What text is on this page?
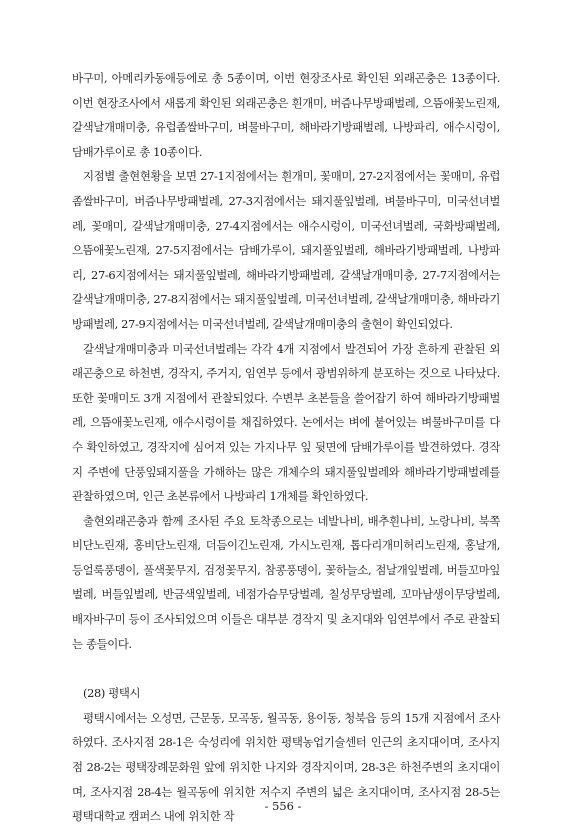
바구미, 아메리카동애등에로 총 5종이며, 이번 현장조사로 확인된 외래곤충은 13종이다. 이번 현장조사에서 새롭게 확인된 외래곤충은 흰개미, 버즘나무방패벌레, 으뜸애꽃노린재, 갈색날개매미충, 유럽좀쌀바구미, 벼물바구미, 해바라기방패벌레, 나방파리, 애수시렁이, 담배가루이로 총 10종이다.

지점별 출현현황을 보면 27-1지점에서는 흰개미, 꽃매미, 27-2지점에서는 꽃매미, 유럽좀쌀바구미, 버즘나무방패벌레, 27-3지점에서는 돼지풀잎벌레, 벼물바구미, 미국선녀벌레, 꽃매미, 갈색날개매미충, 27-4지점에서는 애수시렁이, 미국선녀벌레, 국화방패벌레, 으뜸애꽃노린재, 27-5지점에서는 담배가루이, 돼지풀잎벌레, 해바라기방패벌레, 나방파리, 27-6지점에서는 돼지풀잎벌레, 해바라기방패벌레, 갈색날개매미충, 27-7지점에서는 갈색날개매미충, 27-8지점에서는 돼지풀잎벌레, 미국선녀벌레, 갈색날개매미충, 해바라기방패벌레, 27-9지점에서는 미국선녀벌레, 갈색날개매미충의 출현이 확인되었다.

갈색날개매미충과 미국선녀벌레는 각각 4개 지점에서 발견되어 가장 흔하게 관찰된 외래곤충으로 하천변, 경작지, 주거지, 임연부 등에서 광범위하게 분포하는 것으로 나타났다. 또한 꽃매미도 3개 지점에서 관찰되었다. 수변부 초본들을 쓸어잡기 하여 해바라기방패벌레, 으뜸애꽃노린재, 애수시렁이를 채집하였다. 논에서는 벼에 붙어있는 벼물바구미를 다수 확인하였고, 경작지에 심어져 있는 가지나무 잎 뒷면에 담배가루이를 발견하였다. 경작지 주변에 단풍잎돼지풀을 가해하는 많은 개체수의 돼지풀잎벌레와 해바라기방패벌레를 관찰하였으며, 인근 초본류에서 나방파리 1개체를 확인하였다.

출현외래곤충과 함께 조사된 주요 토착종으로는 네발나비, 배추흰나비, 노랑나비, 북쪽비단노린재, 홍비단노린재, 더듬이긴노린재, 가시노린재, 톱다리개미허리노린재, 홍날개, 등얼룩풍뎅이, 풀색꽃무지, 검정꽃무지, 참콩풍뎅이, 꽃하늘소, 점날개잎벌레, 버들꼬마잎벌레, 버들잎벌레, 반금색잎벌레, 네점가슴무당벌레, 칠성무당벌레, 꼬마남생이무당벌레, 배자바구미 등이 조사되었으며 이들은 대부분 경작지 및 초지대와 임연부에서 주로 관찰되는 종들이다.

(28) 평택시

평택시에서는 오성면, 근문동, 모곡동, 월곡동, 용이동, 청북읍 등의 15개 지점에서 조사하였다. 조사지점 28-1은 숙성리에 위치한 평택농업기술센터 인근의 초지대이며, 조사지점 28-2는 평택장례문화원 앞에 위치한 나지와 경작지이며, 28-3은 하천주변의 초지대이며, 조사지점 28-4는 월곡동에 위치한 저수지 주변의 넓은 초지대이며, 조사지점 28-5는 평택대학교 캠퍼스 내에 위치한 작

- 556 -
